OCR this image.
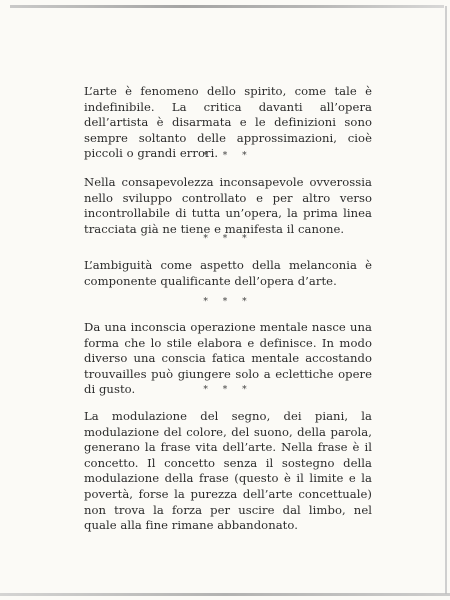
L’arte è fenomeno dello spirito, come tale è indefinibile. La critica davanti all’opera dell’artista è disarmata e le definizioni sono sempre soltanto delle approssimazioni, cioè piccoli o grandi errori.

* * *

Nella consapevolezza inconsapevole ovverossia nello sviluppo controllato e per altro verso incontrollabile di tutta un’opera, la prima linea tracciata già ne tiene e manifesta il canone.

* * *

L’ambiguità come aspetto della melanconia è componente qualificante dell’opera d’arte.

* * *

Da una inconscia operazione mentale nasce una forma che lo stile elabora e definisce. In modo diverso una conscia fatica mentale accostando trouvailles può giungere solo a eclettiche opere di gusto.	* * *

La modulazione del segno, dei piani, la modulazione del colore, del suono, della parola, generano la frase vita dell’arte. Nella frase è il concetto. Il concetto senza il sostegno della modulazione della frase (questo è il limite e la povertà, forse la purezza dell’arte concettuale) non trova la forza per uscire dal limbo, nel quale alla fine rimane abbandonato.
